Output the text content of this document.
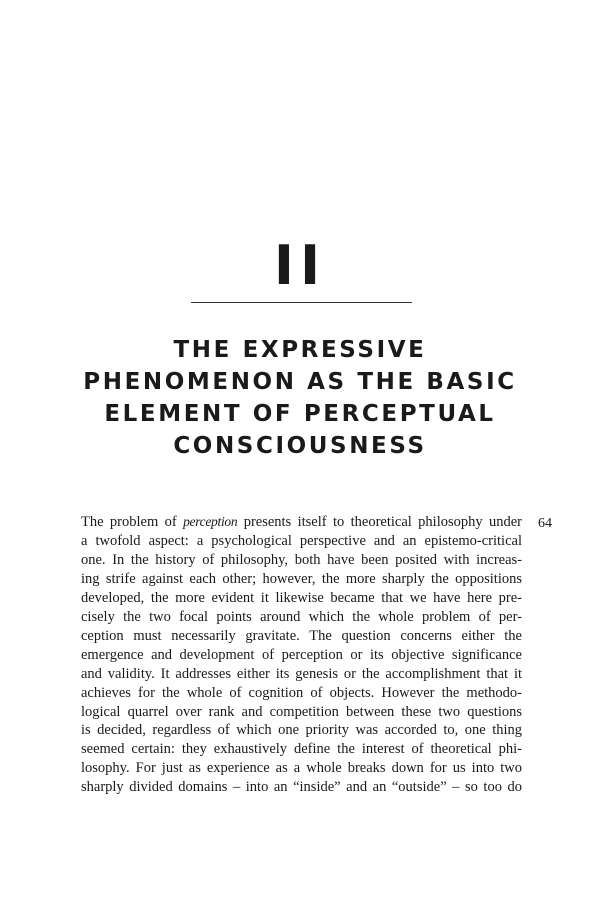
II
THE EXPRESSIVE
PHENOMENON AS THE BASIC
ELEMENT OF PERCEPTUAL
CONSCIOUSNESS
The problem of perception presents itself to theoretical philosophy under
a twofold aspect: a psychological perspective and an epistemo-critical
one. In the history of philosophy, both have been posited with increas-
ing strife against each other; however, the more sharply the oppositions
developed, the more evident it likewise became that we have here pre-
cisely the two focal points around which the whole problem of per-
ception must necessarily gravitate. The question concerns either the
emergence and development of perception or its objective significance
and validity. It addresses either its genesis or the accomplishment that it
achieves for the whole of cognition of objects. However the methodo-
logical quarrel over rank and competition between these two questions
is decided, regardless of which one priority was accorded to, one thing
seemed certain: they exhaustively define the interest of theoretical phi-
losophy. For just as experience as a whole breaks down for us into two
sharply divided domains – into an “inside” and an “outside” – so too do
64
